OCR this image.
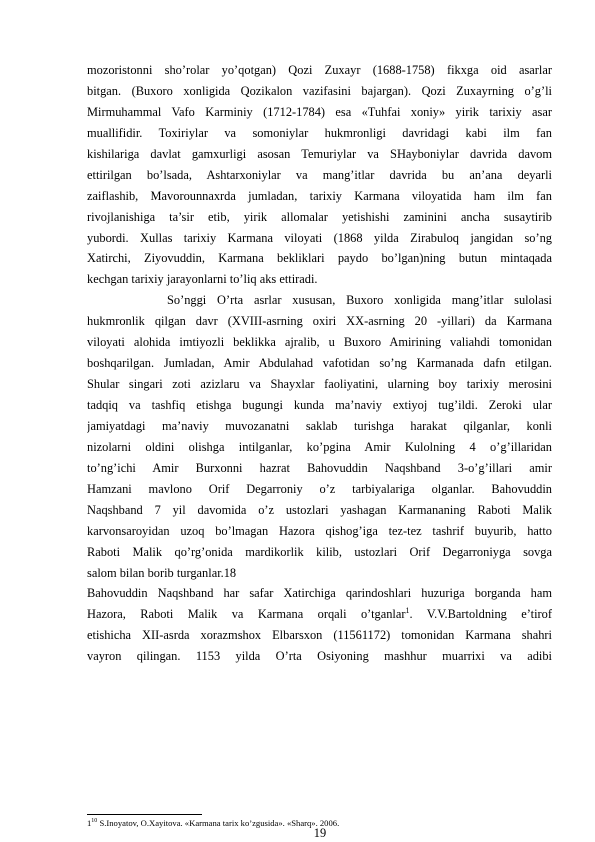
mozoristonni sho’rolar yo’qotgan) Qozi Zuxayr (1688-1758) fikxga oid asarlar
bitgan. (Buxoro xonligida Qozikalon vazifasini bajargan). Qozi Zuxayrning o’g’li
Mirmuhammal Vafo Karminiy (1712-1784) esa «Tuhfai xoniy» yirik tarixiy asar
muallifidir. Toxiriylar va somoniylar hukmronligi davridagi kabi ilm fan
kishilariga davlat gamxurligi asosan Temuriylar va SHayboniylar davrida davom
ettirilgan bo’lsada, Ashtarxoniylar va mang’itlar davrida bu an’ana deyarli
zaiflashib, Mavorounnaxrda jumladan, tarixiy Karmana viloyatida ham ilm fan
rivojlanishiga ta’sir etib, yirik allomalar yetishishi zaminini ancha susaytirib
yubordi. Xullas tarixiy Karmana viloyati (1868 yilda Zirabuloq jangidan so’ng
Xatirchi, Ziyovuddin, Karmana bekliklari paydo bo’lgan)ning butun mintaqada
kechgan tarixiy jarayonlarni to’liq aks ettiradi.
So’nggi O’rta asrlar xususan, Buxoro xonligida mang’itlar sulolasi
hukmronlik qilgan davr (XVIII-asrning oxiri XX-asrning 20 -yillari) da Karmana
viloyati alohida imtiyozli beklikka ajralib, u Buxoro Amirining valiahdi tomonidan
boshqarilgan. Jumladan, Amir Abdulahad vafotidan so’ng Karmanada dafn etilgan.
Shular singari zoti azizlaru va Shayxlar faoliyatini, ularning boy tarixiy merosini
tadqiq va tashfiq etishga bugungi kunda ma’naviy extiyoj tug’ildi. Zeroki ular
jamiyatdagi ma’naviy muvozanatni saklab turishga harakat qilganlar, konli
nizolarni oldini olishga intilganlar, ko’pgina Amir Kulolning 4 o’g’illaridan
to’ng’ichi Amir Burxonni hazrat Bahovuddin Naqshband 3-o’g’illari amir
Hamzani mavlono Orif Degarroniy o’z tarbiyalariga olganlar. Bahovuddin
Naqshband 7 yil davomida o’z ustozlari yashagan Karmananing Raboti Malik
karvonsaroyidan uzoq bo’lmagan Hazora qishog’iga tez-tez tashrif buyurib, hatto
Raboti Malik qo’rg’onida mardikorlik kilib, ustozlari Orif Degarroniyga sovga
salom bilan borib turganlar.18
Bahovuddin Naqshband har safar Xatirchiga qarindoshlari huzuriga borganda ham
Hazora, Raboti Malik va Karmana orqali o’tganlar$^1$. V.V.Bartoldning e’tirof
etishicha XII-asrda xorazmshox Elbarsxon (11561172) tomonidan Karmana shahri
vayron qilingan. 1153 yilda O’rta Osiyoning mashhur muarrixi va adibi
$1^{10}$ S.Inoyatov, O.Xayitova. «Karmana tarix ko’zgusida». «Sharq». 2006.
19
